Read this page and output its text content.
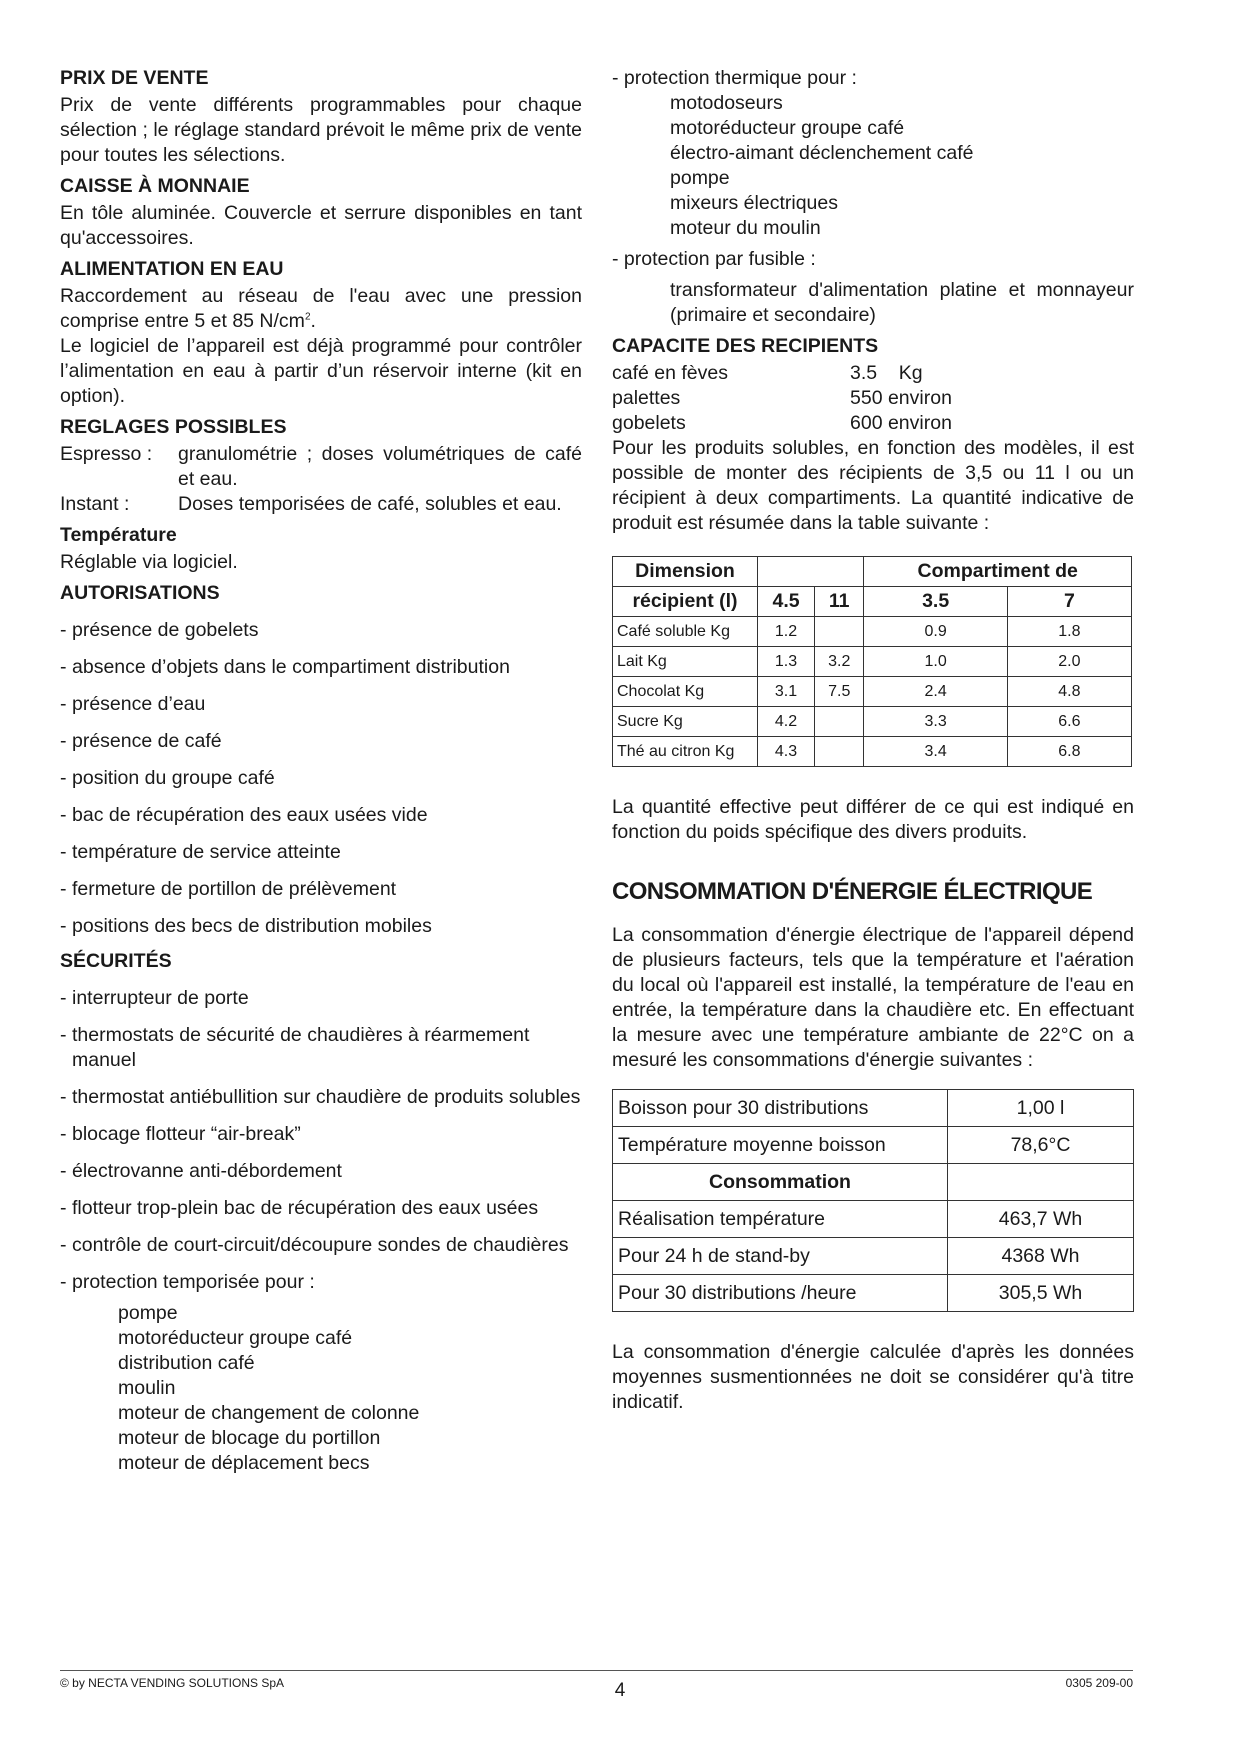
PRIX DE VENTE

Prix de vente différents programmables pour chaque sélection ; le réglage standard prévoit le même prix de vente pour toutes les sélections.

CAISSE À MONNAIE

En tôle aluminée. Couvercle et serrure disponibles en tant qu'accessoires.

ALIMENTATION EN EAU

Raccordement au réseau de l'eau avec une pression comprise entre 5 et 85 $N/cm^2$.

Le logiciel de l’appareil est déjà programmé pour contrôler l’alimentation en eau à partir d’un réservoir interne (kit en option).

REGLAGES POSSIBLES
Espresso :	granulométrie ; doses volumétriques de café et eau.
Instant :	Doses temporisées de café, solubles et eau.
Température

Réglable via logiciel.

AUTORISATIONS
- présence de gobelets
- absence d’objets dans le compartiment distribution
- présence d’eau
- présence de café
- position du groupe café
- bac de récupération des eaux usées vide
- température de service atteinte
- fermeture de portillon de prélèvement
- positions des becs de distribution mobiles
SÉCURITÉS
- interrupteur de porte
- thermostats de sécurité de chaudières à réarmement manuel
- thermostat antiébullition sur chaudière de produits solubles
- blocage flotteur “air-break”
- électrovanne anti-débordement
- flotteur trop-plein bac de récupération des eaux usées
- contrôle de court-circuit/découpure sondes de chaudières
- protection temporisée pour :
pompe
motoréducteur groupe café
distribution café
moulin
moteur de changement de colonne
moteur de blocage du portillon
moteur de déplacement becs
- protection thermique pour :
motodoseurs
motoréducteur groupe café
électro-aimant déclenchement café
pompe
mixeurs électriques
moteur du moulin
- protection par fusible :
transformateur d'alimentation platine et monnayeur (primaire et secondaire)
CAPACITE DES RECIPIENTS
café en fèves	3.5    Kg
palettes	550 environ
gobelets	600 environ

Pour les produits solubles, en fonction des modèles, il est possible de monter des récipients de 3,5 ou 11 l ou un récipient à deux compartiments. La quantité indicative de produit est résumée dans la table suivante :

Dimension			Compartiment de	
récipient (l)	4.5	11	3.5	7
Café soluble Kg	1.2		0.9	1.8
Lait Kg	1.3	3.2	1.0	2.0
Chocolat Kg	3.1	7.5	2.4	4.8
Sucre Kg	4.2		3.3	6.6
Thé au citron Kg	4.3		3.4	6.8

La quantité effective peut différer de ce qui est indiqué en fonction du poids spécifique des divers produits.

CONSOMMATION D'ÉNERGIE ÉLECTRIQUE

La consommation d'énergie électrique de l'appareil dépend de plusieurs facteurs, tels que la température et l'aération du local où l'appareil est installé, la température de l'eau en entrée, la température dans la chaudière etc. En effectuant la mesure avec une température ambiante de 22°C on a mesuré les consommations d'énergie suivantes :

Boisson pour 30 distributions	1,00 l
Température moyenne boisson	78,6°C
Consommation	
Réalisation température	463,7 Wh
Pour 24 h de stand-by	4368 Wh
Pour 30 distributions /heure	305,5 Wh

La consommation d'énergie calculée d'après les données moyennes susmentionnées ne doit se considérer qu'à titre indicatif.

© by NECTA VENDING SOLUTIONS SpA	4	0305 209-00
